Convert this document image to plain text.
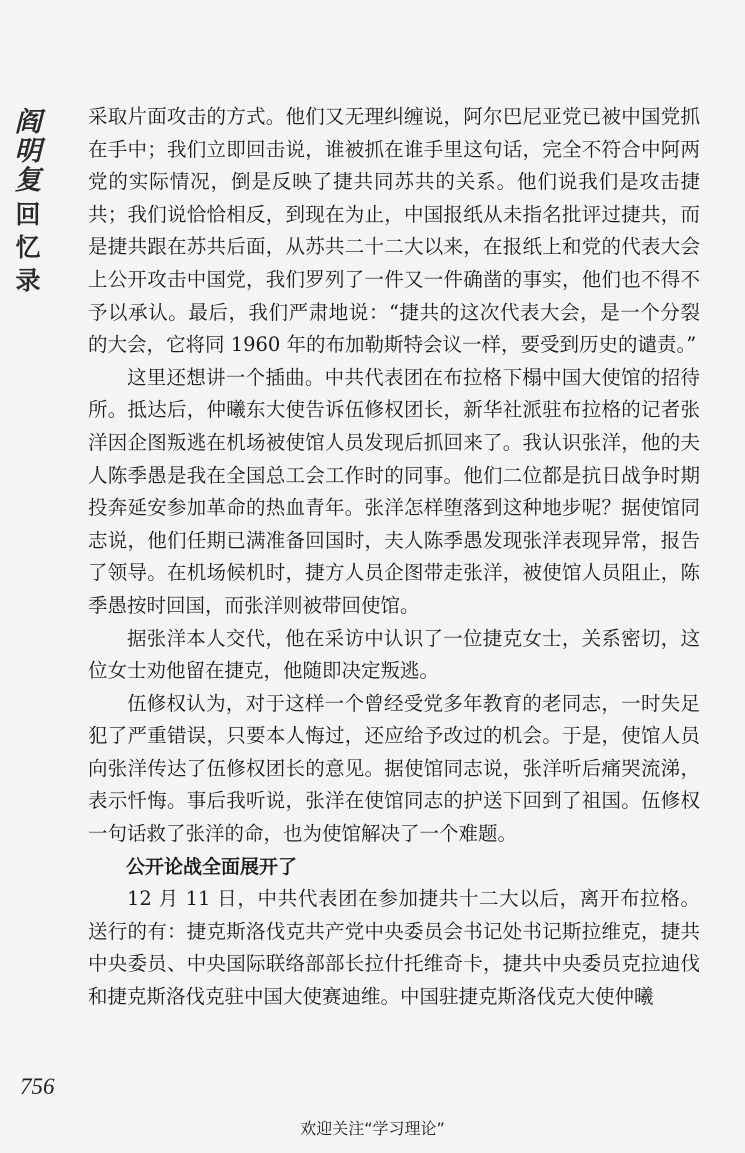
阎
明
复
回
忆
录

采取片面攻击的方式。他们又无理纠缠说，阿尔巴尼亚党已被中国党抓在手中；我们立即回击说，谁被抓在谁手里这句话，完全不符合中阿两党的实际情况，倒是反映了捷共同苏共的关系。他们说我们是攻击捷共；我们说恰恰相反，到现在为止，中国报纸从未指名批评过捷共，而是捷共跟在苏共后面，从苏共二十二大以来，在报纸上和党的代表大会上公开攻击中国党，我们罗列了一件又一件确凿的事实，他们也不得不予以承认。最后，我们严肃地说：“捷共的这次代表大会，是一个分裂的大会，它将同 1960 年的布加勒斯特会议一样，要受到历史的谴责。”

这里还想讲一个插曲。中共代表团在布拉格下榻中国大使馆的招待所。抵达后，仲曦东大使告诉伍修权团长，新华社派驻布拉格的记者张洋因企图叛逃在机场被使馆人员发现后抓回来了。我认识张洋，他的夫人陈季愚是我在全国总工会工作时的同事。他们二位都是抗日战争时期投奔延安参加革命的热血青年。张洋怎样堕落到这种地步呢？据使馆同志说，他们任期已满准备回国时，夫人陈季愚发现张洋表现异常，报告了领导。在机场候机时，捷方人员企图带走张洋，被使馆人员阻止，陈季愚按时回国，而张洋则被带回使馆。

据张洋本人交代，他在采访中认识了一位捷克女士，关系密切，这位女士劝他留在捷克，他随即决定叛逃。

伍修权认为，对于这样一个曾经受党多年教育的老同志，一时失足犯了严重错误，只要本人悔过，还应给予改过的机会。于是，使馆人员向张洋传达了伍修权团长的意见。据使馆同志说，张洋听后痛哭流涕，表示忏悔。事后我听说，张洋在使馆同志的护送下回到了祖国。伍修权一句话救了张洋的命，也为使馆解决了一个难题。

公开论战全面展开了

12 月 11 日，中共代表团在参加捷共十二大以后，离开布拉格。送行的有：捷克斯洛伐克共产党中央委员会书记处书记斯拉维克，捷共中央委员、中央国际联络部部长拉什托维奇卡，捷共中央委员克拉迪伐和捷克斯洛伐克驻中国大使赛迪维。中国驻捷克斯洛伐克大使仲曦

756
欢迎关注“学习理论”
